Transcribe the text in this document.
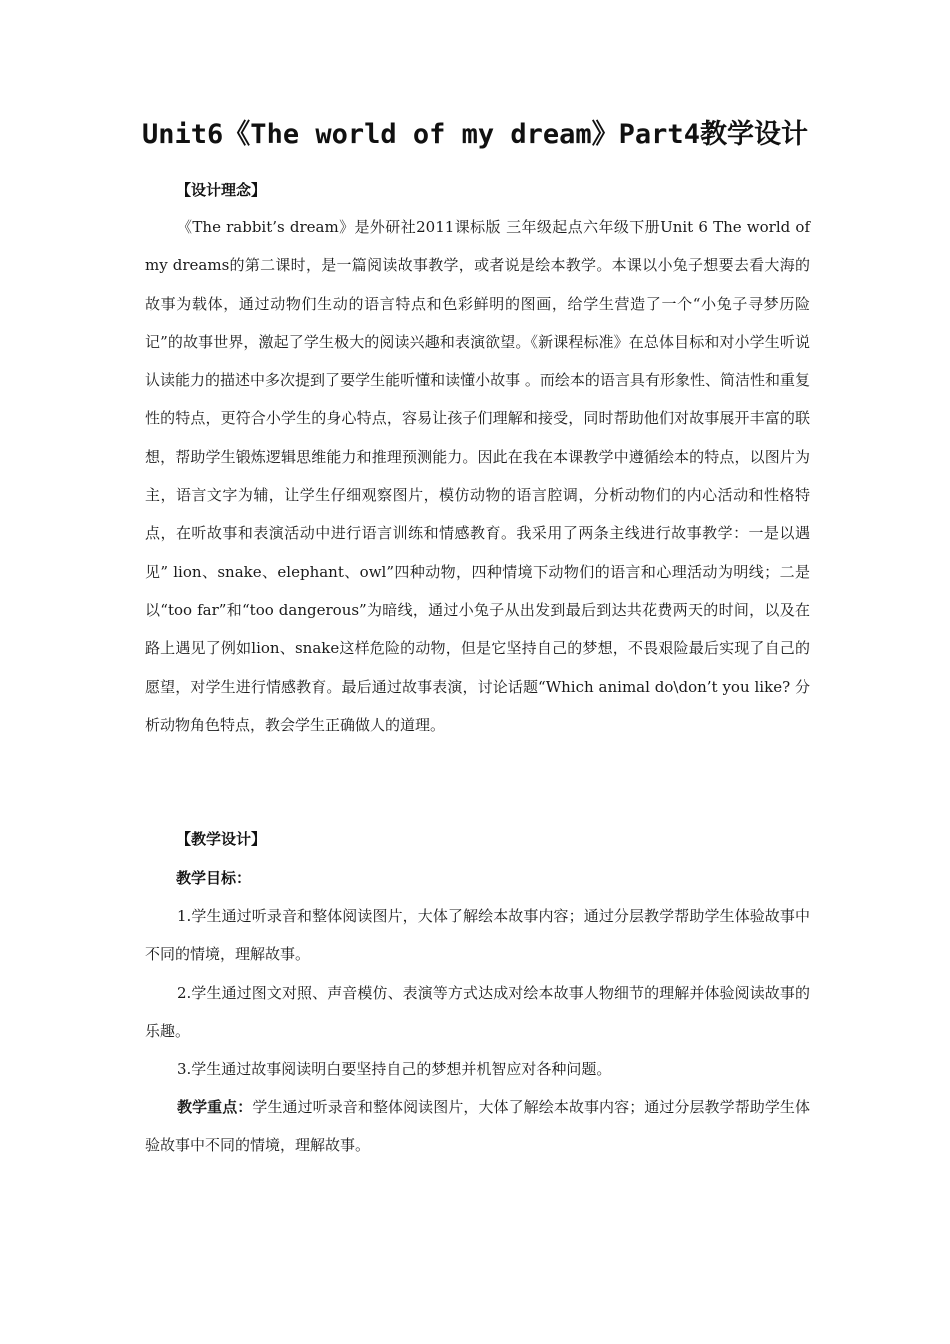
Unit6《The world of my dream》Part4教学设计
【设计理念】

《The rabbit’s dream》是外研社2011课标版 三年级起点六年级下册Unit 6 The world of my dreams的第二课时，是一篇阅读故事教学，或者说是绘本教学。本课以小兔子想要去看大海的故事为载体，通过动物们生动的语言特点和色彩鲜明的图画，给学生营造了一个“小兔子寻梦历险记”的故事世界，激起了学生极大的阅读兴趣和表演欲望。《新课程标准》在总体目标和对小学生听说认读能力的描述中多次提到了要学生能听懂和读懂小故事 。而绘本的语言具有形象性、简洁性和重复性的特点，更符合小学生的身心特点，容易让孩子们理解和接受，同时帮助他们对故事展开丰富的联想，帮助学生锻炼逻辑思维能力和推理预测能力。因此在我在本课教学中遵循绘本的特点，以图片为主，语言文字为辅，让学生仔细观察图片，模仿动物的语言腔调，分析动物们的内心活动和性格特点，在听故事和表演活动中进行语言训练和情感教育。我采用了两条主线进行故事教学：一是以遇见” lion、snake、elephant、owl”四种动物，四种情境下动物们的语言和心理活动为明线；二是以“too far”和“too dangerous”为暗线，通过小兔子从出发到最后到达共花费两天的时间，以及在路上遇见了例如lion、snake这样危险的动物，但是它坚持自己的梦想，不畏艰险最后实现了自己的愿望，对学生进行情感教育。最后通过故事表演，讨论话题“Which animal do\don’t you like? 分析动物角色特点，教会学生正确做人的道理。

【教学设计】
教学目标：

1.学生通过听录音和整体阅读图片，大体了解绘本故事内容；通过分层教学帮助学生体验故事中不同的情境，理解故事。

2.学生通过图文对照、声音模仿、表演等方式达成对绘本故事人物细节的理解并体验阅读故事的乐趣。

3.学生通过故事阅读明白要坚持自己的梦想并机智应对各种问题。

教学重点：学生通过听录音和整体阅读图片，大体了解绘本故事内容；通过分层教学帮助学生体验故事中不同的情境，理解故事。
